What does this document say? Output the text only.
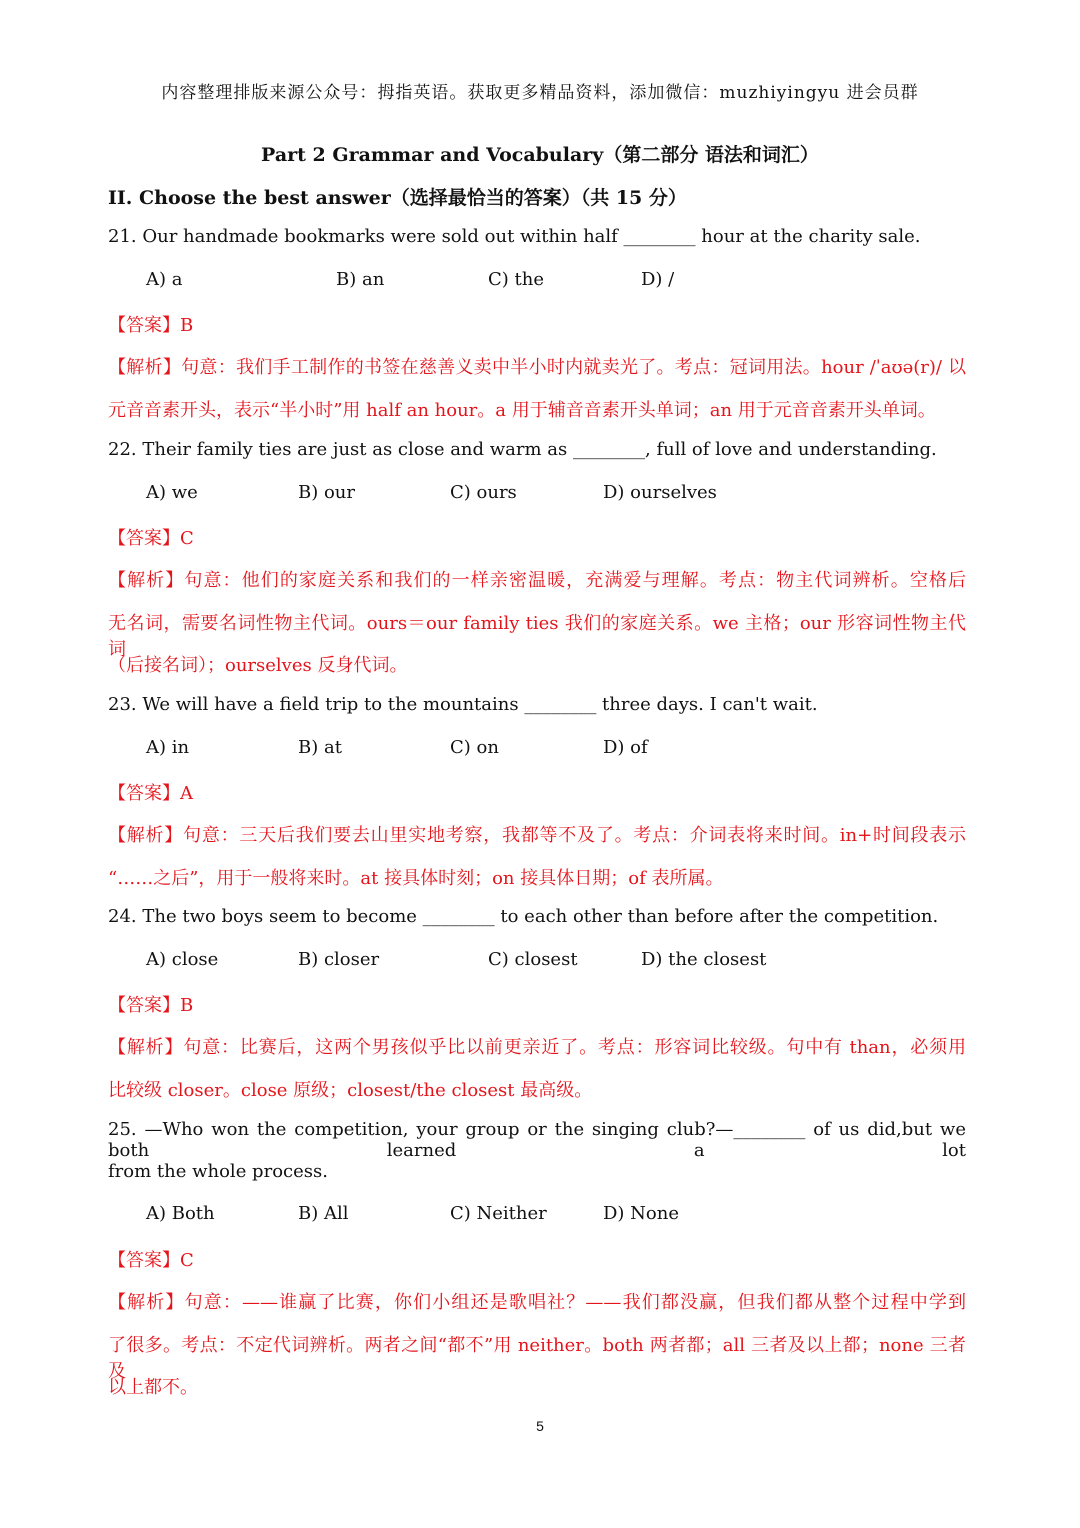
内容整理排版来源公众号：拇指英语。获取更多精品资料，添加微信：muzhiyingyu 进会员群
Part 2 Grammar and Vocabulary（第二部分 语法和词汇）
II. Choose the best answer（选择最恰当的答案）（共 15 分）
21. Our handmade bookmarks were sold out within half ________ hour at the charity sale.
A) a	B) an	C) the	D) /
【答案】B
【解析】句意：我们手工制作的书签在慈善义卖中半小时内就卖光了。考点：冠词用法。hour /ˈaʊə(r)/ 以
元音音素开头，表示“半小时”用 half an hour。a 用于辅音音素开头单词；an 用于元音音素开头单词。
22. Their family ties are just as close and warm as ________, full of love and understanding.
A) we	B) our	C) ours	D) ourselves
【答案】C
【解析】句意：他们的家庭关系和我们的一样亲密温暖，充满爱与理解。考点：物主代词辨析。空格后
无名词，需要名词性物主代词。ours＝our family ties 我们的家庭关系。we 主格；our 形容词性物主代词
（后接名词）；ourselves 反身代词。
23. We will have a field trip to the mountains ________ three days. I can't wait.
A) in	B) at	C) on	D) of
【答案】A
【解析】句意：三天后我们要去山里实地考察，我都等不及了。考点：介词表将来时间。in+时间段表示
“……之后”，用于一般将来时。at 接具体时刻；on 接具体日期；of 表所属。
24. The two boys seem to become ________ to each other than before after the competition.
A) close	B) closer	C) closest	D) the closest
【答案】B
【解析】句意：比赛后，这两个男孩似乎比以前更亲近了。考点：形容词比较级。句中有 than，必须用
比较级 closer。close 原级；closest/the closest 最高级。
25. —Who won the competition, your group or the singing club?—________ of us did,but we both learned a lot
from the whole process.
A) Both	B) All	C) Neither	D) None
【答案】C
【解析】句意：——谁赢了比赛，你们小组还是歌唱社？——我们都没赢，但我们都从整个过程中学到
了很多。考点：不定代词辨析。两者之间“都不”用 neither。both 两者都；all 三者及以上都；none 三者及
以上都不。
5
